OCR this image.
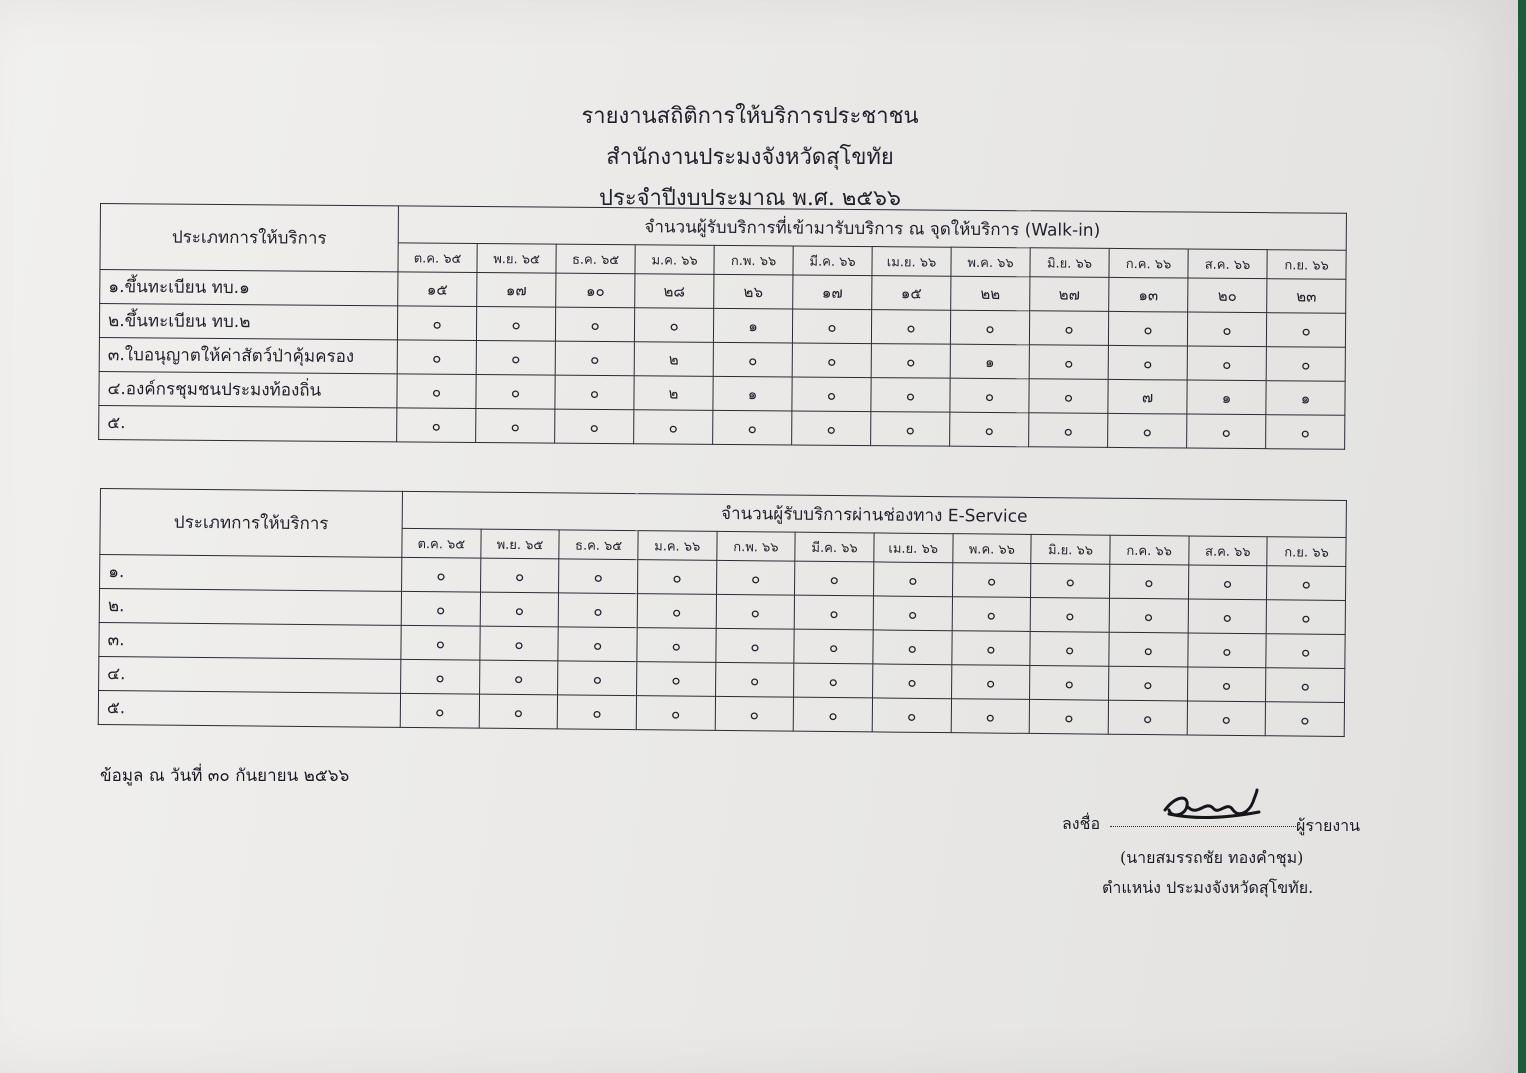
รายงานสถิติการให้บริการประชาชน
สำนักงานประมงจังหวัดสุโขทัย
ประจำปีงบประมาณ พ.ศ. ๒๕๖๖
ประเภทการให้บริการ	จำนวนผู้รับบริการที่เข้ามารับบริการ ณ จุดให้บริการ (Walk-in)											
	ต.ค. ๖๕	พ.ย. ๖๕	ธ.ค. ๖๕	ม.ค. ๖๖	ก.พ. ๖๖	มี.ค. ๖๖	เม.ย. ๖๖	พ.ค. ๖๖	มิ.ย. ๖๖	ก.ค. ๖๖	ส.ค. ๖๖	ก.ย. ๖๖
๑.ขึ้นทะเบียน ทบ.๑	๑๕	๑๗	๑๐	๒๘	๒๖	๑๗	๑๕	๒๒	๒๗	๑๓	๒๐	๒๓
๒.ขึ้นทะเบียน ทบ.๒	๐	๐	๐	๐	๑	๐	๐	๐	๐	๐	๐	๐
๓.ใบอนุญาตให้ค่าสัตว์ป่าคุ้มครอง	๐	๐	๐	๒	๐	๐	๐	๑	๐	๐	๐	๐
๔.องค์กรชุมชนประมงท้องถิ่น	๐	๐	๐	๒	๑	๐	๐	๐	๐	๗	๑	๑
๕.	๐	๐	๐	๐	๐	๐	๐	๐	๐	๐	๐	๐
ประเภทการให้บริการ	จำนวนผู้รับบริการผ่านช่องทาง E-Service											
	ต.ค. ๖๕	พ.ย. ๖๕	ธ.ค. ๖๕	ม.ค. ๖๖	ก.พ. ๖๖	มี.ค. ๖๖	เม.ย. ๖๖	พ.ค. ๖๖	มิ.ย. ๖๖	ก.ค. ๖๖	ส.ค. ๖๖	ก.ย. ๖๖
๑.	๐	๐	๐	๐	๐	๐	๐	๐	๐	๐	๐	๐
๒.	๐	๐	๐	๐	๐	๐	๐	๐	๐	๐	๐	๐
๓.	๐	๐	๐	๐	๐	๐	๐	๐	๐	๐	๐	๐
๔.	๐	๐	๐	๐	๐	๐	๐	๐	๐	๐	๐	๐
๕.	๐	๐	๐	๐	๐	๐	๐	๐	๐	๐	๐	๐
ข้อมูล ณ วันที่ ๓๐ กันยายน ๒๕๖๖
ลงชื่อ	ผู้รายงาน
(นายสมรรถชัย ทองคำชุม)
ตำแหน่ง ประมงจังหวัดสุโขทัย.
